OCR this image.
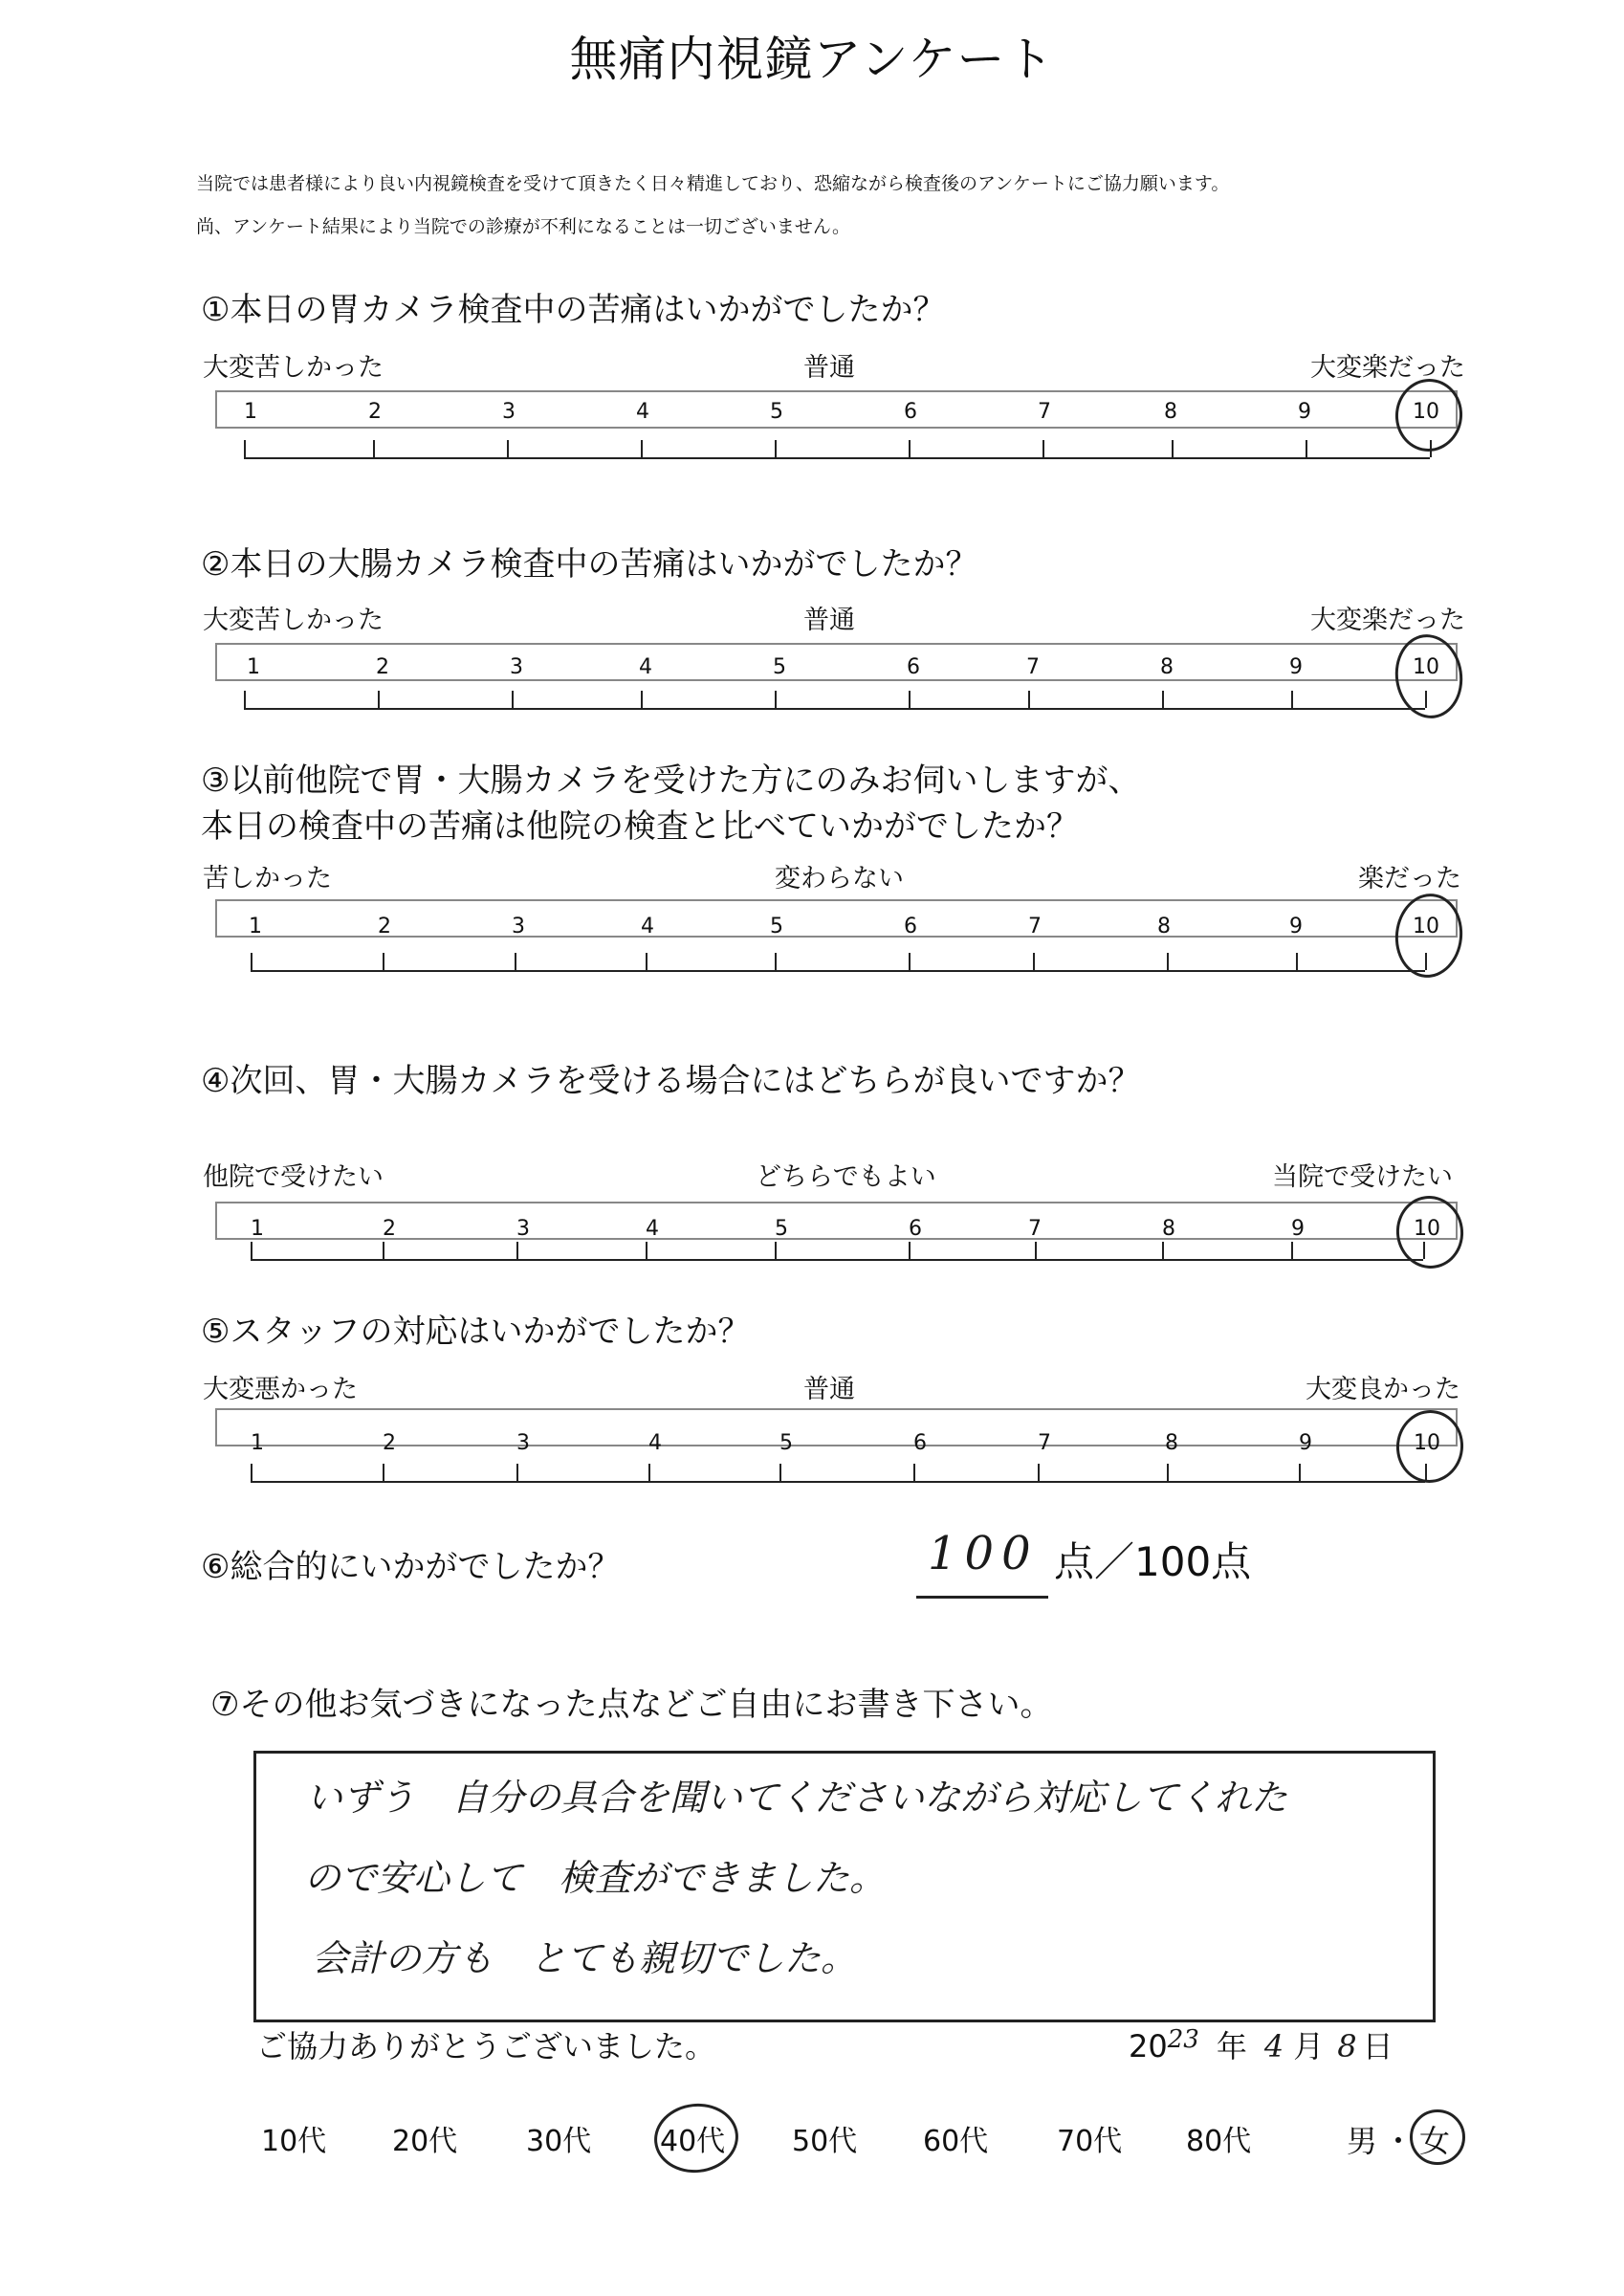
無痛内視鏡アンケート
当院では患者様により良い内視鏡検査を受けて頂きたく日々精進しており、恐縮ながら検査後のアンケートにご協力願います。
尚、アンケート結果により当院での診療が不利になることは一切ございません。
①本日の胃カメラ検査中の苦痛はいかがでしたか？
大変苦しかった	普通	大変楽だった
1	2	3	4	5	6	7	8	9	10
②本日の大腸カメラ検査中の苦痛はいかがでしたか？
大変苦しかった	普通	大変楽だった
1	2	3	4	5	6	7	8	9	10
③以前他院で胃・大腸カメラを受けた方にのみお伺いしますが、
本日の検査中の苦痛は他院の検査と比べていかがでしたか？
苦しかった	変わらない	楽だった
1	2	3	4	5	6	7	8	9	10
④次回、胃・大腸カメラを受ける場合にはどちらが良いですか？
他院で受けたい	どちらでもよい	当院で受けたい
1	2	3	4	5	6	7	8	9	10
⑤スタッフの対応はいかがでしたか？
大変悪かった	普通	大変良かった
1	2	3	4	5	6	7	8	9	10
⑥総合的にいかがでしたか？	100 点／100点
⑦その他お気づきになった点などご自由にお書き下さい。
いずう　自分の具合を聞いてくださいながら対応してくれた
ので安心して　検査ができました。
会計の方も　とても親切でした。
ご協力ありがとうございました。	$20^{23}$ 年 4 月 8 日
10代 20代 30代 40代 50代 60代 70代 80代	男 ・ 女
